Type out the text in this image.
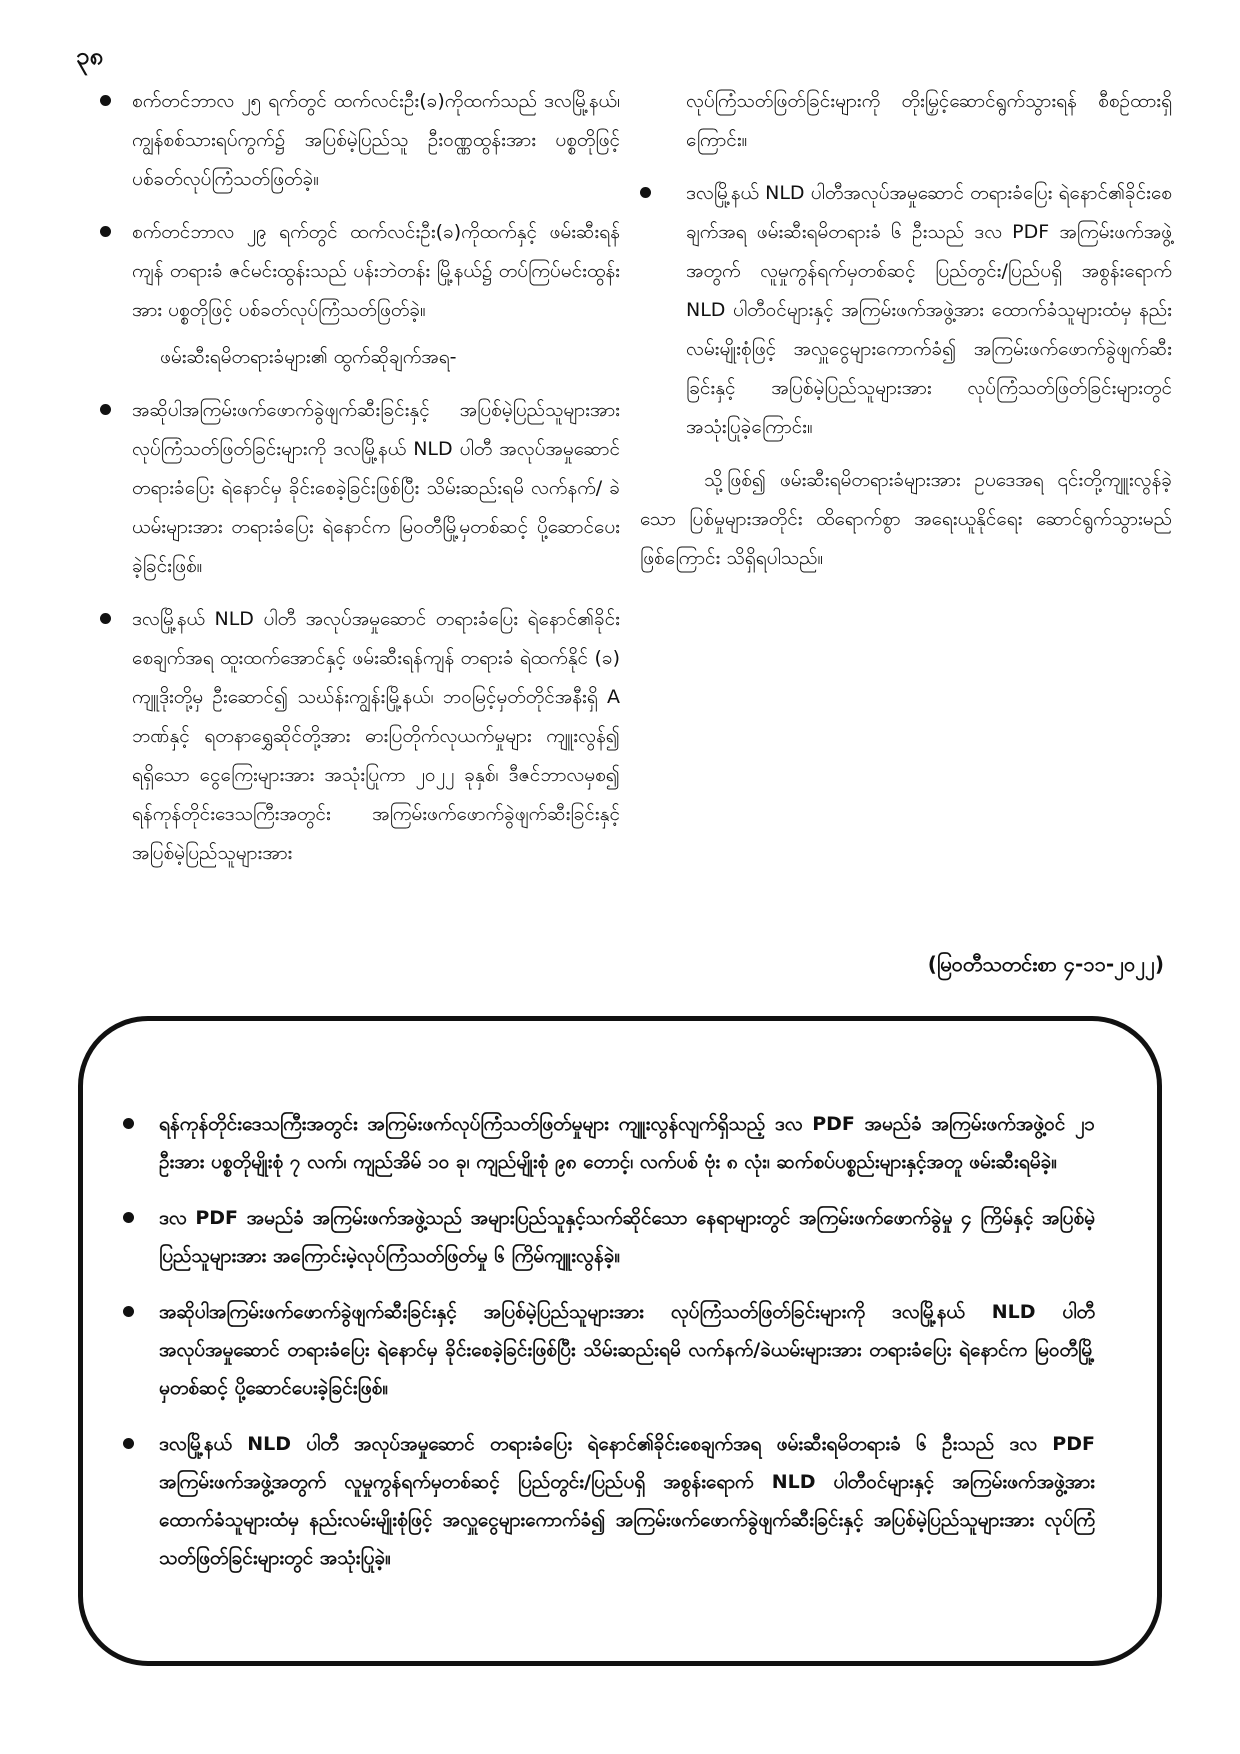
၃၈
စက်တင်ဘာလ ၂၅ ရက်တွင် ထက်လင်းဦး(ခ)ကိုထက်သည် ဒလမြို့နယ်၊ ကျွန်စစ်သားရပ်ကွက်၌ အပြစ်မဲ့ပြည်သူ ဦးဝဏ္ဏထွန်းအား ပစ္စတိုဖြင့် ပစ်ခတ်လုပ်ကြံသတ်ဖြတ်ခဲ့။
စက်တင်ဘာလ ၂၉ ရက်တွင် ထက်လင်းဦး(ခ)ကိုထက်နှင့် ဖမ်းဆီးရန်ကျန် တရားခံ ဇင်မင်းထွန်းသည် ပန်းဘဲတန်း မြို့နယ်၌ တပ်ကြပ်မင်းထွန်းအား ပစ္စတိုဖြင့် ပစ်ခတ်လုပ်ကြံသတ်ဖြတ်ခဲ့။
ဖမ်းဆီးရမိတရားခံများ၏ ထွက်ဆိုချက်အရ-
အဆိုပါအကြမ်းဖက်ဖောက်ခွဲဖျက်ဆီးခြင်းနှင့် အပြစ်မဲ့ပြည်သူများအား လုပ်ကြံသတ်ဖြတ်ခြင်းများကို ဒလမြို့နယ် NLD ပါတီ အလုပ်အမှုဆောင် တရားခံပြေး ရဲနောင်မှ ခိုင်းစေခဲ့ခြင်းဖြစ်ပြီး သိမ်းဆည်းရမိ လက်နက်/ ခဲယမ်းများအား တရားခံပြေး ရဲနောင်က မြဝတီမြို့မှတစ်ဆင့် ပို့ဆောင်ပေးခဲ့ခြင်းဖြစ်။
ဒလမြို့နယ် NLD ပါတီ အလုပ်အမှုဆောင် တရားခံပြေး ရဲနောင်၏ခိုင်းစေချက်အရ ထူးထက်အောင်နှင့် ဖမ်းဆီးရန်ကျန် တရားခံ ရဲထက်နိုင် (ခ) ကျူဒိုးတို့မှ ဦးဆောင်၍ သဃ်န်းကျွန်းမြို့နယ်၊ ဘဝမြင့်မှတ်တိုင်အနီးရှိ A ဘဏ်နှင့် ရတနာရွှေဆိုင်တို့အား ဓားပြတိုက်လုယက်မှုများ ကျူးလွန်၍ ရရှိသော ငွေကြေးများအား အသုံးပြုကာ ၂၀၂၂ ခုနှစ်၊ ဒီဇင်ဘာလမှစ၍ ရန်ကုန်တိုင်းဒေသကြီးအတွင်း အကြမ်းဖက်ဖောက်ခွဲဖျက်ဆီးခြင်းနှင့် အပြစ်မဲ့ပြည်သူများအား
လုပ်ကြံသတ်ဖြတ်ခြင်းများကို တိုးမြှင့်ဆောင်ရွက်သွားရန် စီစဉ်ထားရှိကြောင်း။
ဒလမြို့နယ် NLD ပါတီအလုပ်အမှုဆောင် တရားခံပြေး ရဲနောင်၏ခိုင်းစေချက်အရ ဖမ်းဆီးရမိတရားခံ ၆ ဦးသည် ဒလ PDF အကြမ်းဖက်အဖွဲ့အတွက် လူမှုကွန်ရက်မှတစ်ဆင့် ပြည်တွင်း/ပြည်ပရှိ အစွန်းရောက် NLD ပါတီဝင်များနှင့် အကြမ်းဖက်အဖွဲ့အား ထောက်ခံသူများထံမှ နည်းလမ်းမျိုးစုံဖြင့် အလှူငွေများကောက်ခံ၍ အကြမ်းဖက်ဖောက်ခွဲဖျက်ဆီးခြင်းနှင့် အပြစ်မဲ့ပြည်သူများအား လုပ်ကြံသတ်ဖြတ်ခြင်းများတွင် အသုံးပြုခဲ့ကြောင်း။
သို့ဖြစ်၍ ဖမ်းဆီးရမိတရားခံများအား ဥပဒေအရ ၎င်းတို့ကျူးလွန်ခဲ့သော ပြစ်မှုများအတိုင်း ထိရောက်စွာ အရေးယူနိုင်ရေး ဆောင်ရွက်သွားမည်ဖြစ်ကြောင်း သိရှိရပါသည်။
(မြဝတီသတင်းစာ ၄-၁၁-၂၀၂၂)
ရန်ကုန်တိုင်းဒေသကြီးအတွင်း အကြမ်းဖက်လုပ်ကြံသတ်ဖြတ်မှုများ ကျူးလွန်လျက်ရှိသည့် ဒလ PDF အမည်ခံ အကြမ်းဖက်အဖွဲ့ဝင် ၂၁ ဦးအား ပစ္စတိုမျိုးစုံ ၇ လက်၊ ကျည်အိမ် ၁၀ ခု၊ ကျည်မျိုးစုံ ၉၈ တောင့်၊ လက်ပစ် ဗုံး ၈ လုံး၊ ဆက်စပ်ပစ္စည်းများနှင့်အတူ ဖမ်းဆီးရမိခဲ့။
ဒလ PDF အမည်ခံ အကြမ်းဖက်အဖွဲ့သည် အများပြည်သူနှင့်သက်ဆိုင်သော နေရာများတွင် အကြမ်းဖက်ဖောက်ခွဲမှု ၄ ကြိမ်နှင့် အပြစ်မဲ့ပြည်သူများအား အကြောင်းမဲ့လုပ်ကြံသတ်ဖြတ်မှု ၆ ကြိမ်ကျူးလွန်ခဲ့။
အဆိုပါအကြမ်းဖက်ဖောက်ခွဲဖျက်ဆီးခြင်းနှင့် အပြစ်မဲ့ပြည်သူများအား လုပ်ကြံသတ်ဖြတ်ခြင်းများကို ဒလမြို့နယ် NLD ပါတီ အလုပ်အမှုဆောင် တရားခံပြေး ရဲနောင်မှ ခိုင်းစေခဲ့ခြင်းဖြစ်ပြီး သိမ်းဆည်းရမိ လက်နက်/ခဲယမ်းများအား တရားခံပြေး ရဲနောင်က မြဝတီမြို့မှတစ်ဆင့် ပို့ဆောင်ပေးခဲ့ခြင်းဖြစ်။
ဒလမြို့နယ် NLD ပါတီ အလုပ်အမှုဆောင် တရားခံပြေး ရဲနောင်၏ခိုင်းစေချက်အရ ဖမ်းဆီးရမိတရားခံ ၆ ဦးသည် ဒလ PDF အကြမ်းဖက်အဖွဲ့အတွက် လူမှုကွန်ရက်မှတစ်ဆင့် ပြည်တွင်း/ပြည်ပရှိ အစွန်းရောက် NLD ပါတီဝင်များနှင့် အကြမ်းဖက်အဖွဲ့အား ထောက်ခံသူများထံမှ နည်းလမ်းမျိုးစုံဖြင့် အလှူငွေများကောက်ခံ၍ အကြမ်းဖက်ဖောက်ခွဲဖျက်ဆီးခြင်းနှင့် အပြစ်မဲ့ပြည်သူများအား လုပ်ကြံသတ်ဖြတ်ခြင်းများတွင် အသုံးပြုခဲ့။
